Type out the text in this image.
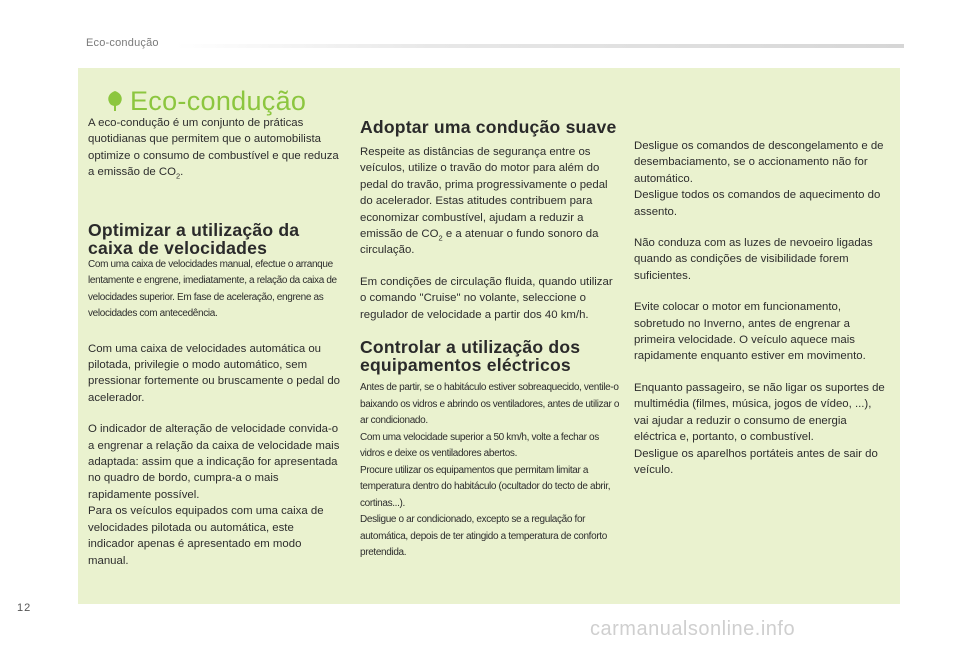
Eco-condução
Eco-condução

A eco-condução é um conjunto de práticas quotidianas que permitem que o automobilista optimize o consumo de combustível e que reduza a emissão de $CO_2$.

Optimizar a utilização da caixa de velocidades
Com uma caixa de velocidades manual, efectue o arranque lentamente e engrene, imediatamente, a relação da caixa de velocidades superior. Em fase de aceleração, engrene as velocidades com antecedência.

Com uma caixa de velocidades automática ou pilotada, privilegie o modo automático, sem pressionar fortemente ou bruscamente o pedal do acelerador.

O indicador de alteração de velocidade convida-o a engrenar a relação da caixa de velocidade mais adaptada: assim que a indicação for apresentada no quadro de bordo, cumpra-a o mais rapidamente possível.

Para os veículos equipados com uma caixa de velocidades pilotada ou automática, este indicador apenas é apresentado em modo manual.

Adoptar uma condução suave

Respeite as distâncias de segurança entre os veículos, utilize o travão do motor para além do pedal do travão, prima progressivamente o pedal do acelerador. Estas atitudes contribuem para economizar combustível, ajudam a reduzir a emissão de $CO_2$ e a atenuar o fundo sonoro da circulação.

Em condições de circulação fluida, quando utilizar o comando "Cruise" no volante, seleccione o regulador de velocidade a partir dos 40 km/h.

Controlar a utilização dos equipamentos eléctricos
Antes de partir, se o habitáculo estiver sobreaquecido, ventile-o baixando os vidros e abrindo os ventiladores, antes de utilizar o ar condicionado.
Com uma velocidade superior a 50 km/h, volte a fechar os vidros e deixe os ventiladores abertos.
Procure utilizar os equipamentos que permitam limitar a temperatura dentro do habitáculo (ocultador do tecto de abrir, cortinas...).
Desligue o ar condicionado, excepto se a regulação for automática, depois de ter atingido a temperatura de conforto pretendida.

Desligue os comandos de descongelamento e de desembaciamento, se o accionamento não for automático.

Desligue todos os comandos de aquecimento do assento.

Não conduza com as luzes de nevoeiro ligadas quando as condições de visibilidade forem suficientes.

Evite colocar o motor em funcionamento, sobretudo no Inverno, antes de engrenar a primeira velocidade. O veículo aquece mais rapidamente enquanto estiver em movimento.

Enquanto passageiro, se não ligar os suportes de multimédia (filmes, música, jogos de vídeo, ...), vai ajudar a reduzir o consumo de energia eléctrica e, portanto, o combustível.

Desligue os aparelhos portáteis antes de sair do veículo.

12
carmanualsonline.info
